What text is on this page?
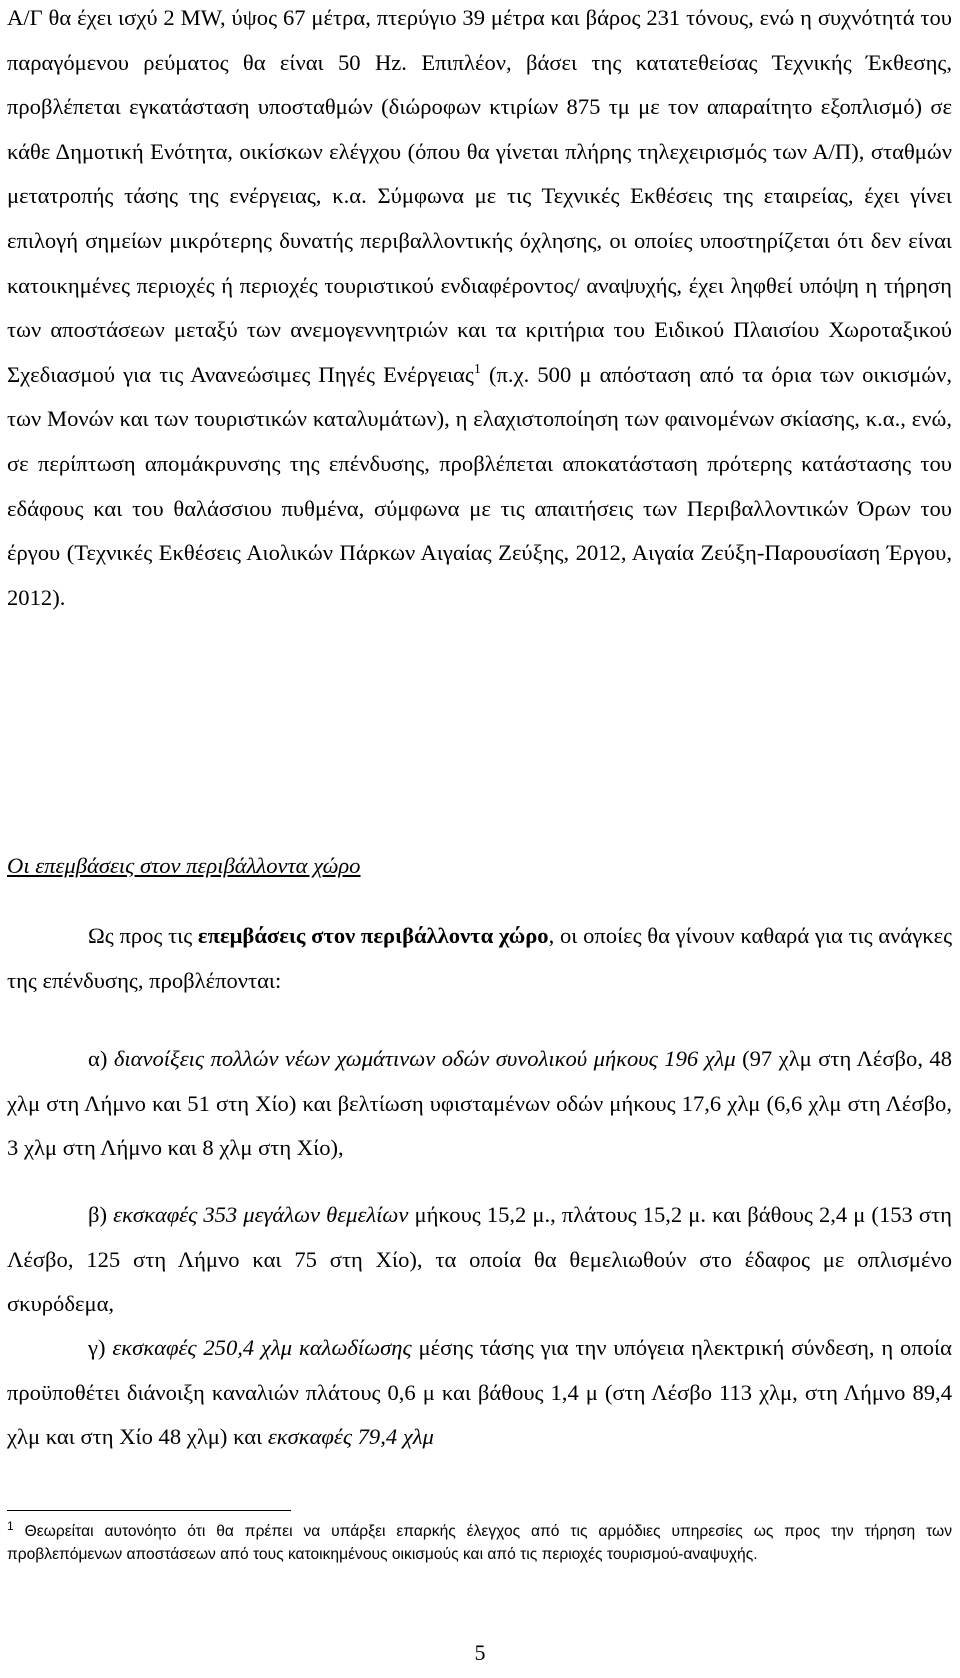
Α/Γ θα έχει ισχύ 2 MW, ύψος 67 μέτρα, πτερύγιο 39 μέτρα και βάρος 231 τόνους, ενώ η συχνότητά του παραγόμενου ρεύματος θα είναι 50 Hz. Επιπλέον, βάσει της κατατεθείσας Τεχνικής Έκθεσης, προβλέπεται εγκατάσταση υποσταθμών (διώροφων κτιρίων 875 τμ με τον απαραίτητο εξοπλισμό) σε κάθε Δημοτική Ενότητα, οικίσκων ελέγχου (όπου θα γίνεται πλήρης τηλεχειρισμός των Α/Π), σταθμών μετατροπής τάσης της ενέργειας, κ.α. Σύμφωνα με τις Τεχνικές Εκθέσεις της εταιρείας, έχει γίνει επιλογή σημείων μικρότερης δυνατής περιβαλλοντικής όχλησης, οι οποίες υποστηρίζεται ότι δεν είναι κατοικημένες περιοχές ή περιοχές τουριστικού ενδιαφέροντος/ αναψυχής, έχει ληφθεί υπόψη η τήρηση των αποστάσεων μεταξύ των ανεμογεννητριών και τα κριτήρια του Ειδικού Πλαισίου Χωροταξικού Σχεδιασμού για τις Ανανεώσιμες Πηγές Ενέργειας$^1$ (π.χ. 500 μ απόσταση από τα όρια των οικισμών, των Μονών και των τουριστικών καταλυμάτων), η ελαχιστοποίηση των φαινομένων σκίασης, κ.α., ενώ, σε περίπτωση απομάκρυνσης της επένδυσης, προβλέπεται αποκατάσταση πρότερης κατάστασης του εδάφους και του θαλάσσιου πυθμένα, σύμφωνα με τις απαιτήσεις των Περιβαλλοντικών Όρων του έργου (Τεχνικές Εκθέσεις Αιολικών Πάρκων Αιγαίας Ζεύξης, 2012, Αιγαία Ζεύξη-Παρουσίαση Έργου, 2012).

Οι επεμβάσεις στον περιβάλλοντα χώρο

Ως προς τις επεμβάσεις στον περιβάλλοντα χώρο, οι οποίες θα γίνουν καθαρά για τις ανάγκες της επένδυσης, προβλέπονται:

α) διανοίξεις πολλών νέων χωμάτινων οδών συνολικού μήκους 196 χλμ (97 χλμ στη Λέσβο, 48 χλμ στη Λήμνο και 51 στη Χίο) και βελτίωση υφισταμένων οδών μήκους 17,6 χλμ (6,6 χλμ στη Λέσβο, 3 χλμ στη Λήμνο και 8 χλμ στη Χίο),

β) εκσκαφές 353 μεγάλων θεμελίων μήκους 15,2 μ., πλάτους 15,2 μ. και βάθους 2,4 μ (153 στη Λέσβο, 125 στη Λήμνο και 75 στη Χίο), τα οποία θα θεμελιωθούν στο έδαφος με οπλισμένο σκυρόδεμα,

γ) εκσκαφές 250,4 χλμ καλωδίωσης μέσης τάσης για την υπόγεια ηλεκτρική σύνδεση, η οποία προϋποθέτει διάνοιξη καναλιών πλάτους 0,6 μ και βάθους 1,4 μ (στη Λέσβο 113 χλμ, στη Λήμνο 89,4 χλμ και στη Χίο 48 χλμ) και εκσκαφές 79,4 χλμ

$^1$ Θεωρείται αυτονόητο ότι θα πρέπει να υπάρξει επαρκής έλεγχος από τις αρμόδιες υπηρεσίες ως προς την τήρηση των προβλεπόμενων αποστάσεων από τους κατοικημένους οικισμούς και από τις περιοχές τουρισμού-αναψυχής.

5
